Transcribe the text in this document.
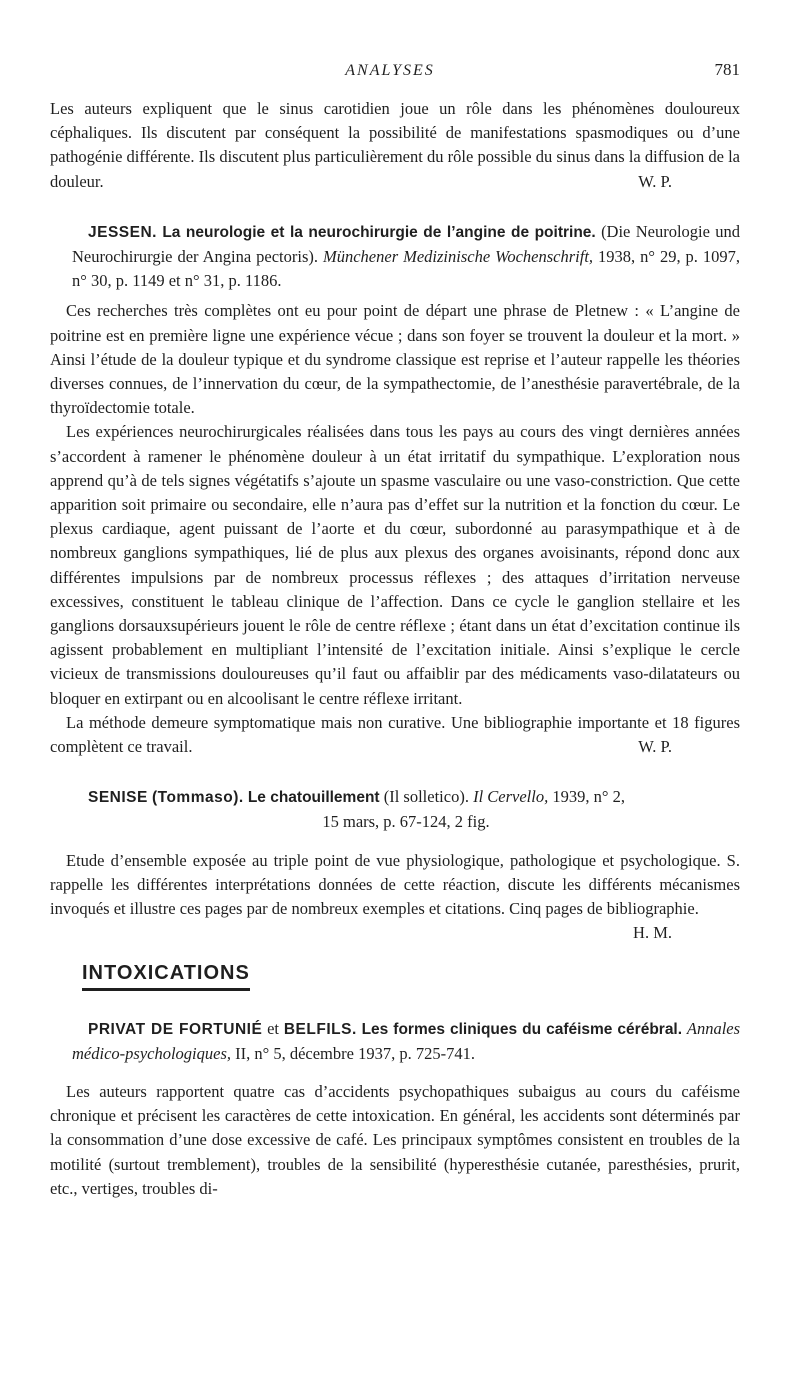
ANALYSES	781

Les auteurs expliquent que le sinus carotidien joue un rôle dans les phénomènes douloureux céphaliques. Ils discutent par conséquent la possibilité de manifestations spasmodiques ou d’une pathogénie différente. Ils discutent plus particulièrement du rôle possible du sinus dans la diffusion de la douleur.	W. P.

JESSEN. La neurologie et la neurochirurgie de l’angine de poitrine. (Die Neurologie und Neurochirurgie der Angina pectoris). Münchener Medizinische Wochenschrift, 1938, n° 29, p. 1097, n° 30, p. 1149 et n° 31, p. 1186.

Ces recherches très complètes ont eu pour point de départ une phrase de Pletnew : « L’angine de poitrine est en première ligne une expérience vécue ; dans son foyer se trouvent la douleur et la mort. » Ainsi l’étude de la douleur typique et du syndrome classique est reprise et l’auteur rappelle les théories diverses connues, de l’innervation du cœur, de la sympathectomie, de l’anesthésie paravertébrale, de la thyroïdectomie totale.

Les expériences neurochirurgicales réalisées dans tous les pays au cours des vingt dernières années s’accordent à ramener le phénomène douleur à un état irritatif du sympathique. L’exploration nous apprend qu’à de tels signes végétatifs s’ajoute un spasme vasculaire ou une vaso-constriction. Que cette apparition soit primaire ou secondaire, elle n’aura pas d’effet sur la nutrition et la fonction du cœur. Le plexus cardiaque, agent puissant de l’aorte et du cœur, subordonné au parasympathique et à de nombreux ganglions sympathiques, lié de plus aux plexus des organes avoisinants, répond donc aux différentes impulsions par de nombreux processus réflexes ; des attaques d’irritation nerveuse excessives, constituent le tableau clinique de l’affection. Dans ce cycle le ganglion stellaire et les ganglions dorsauxsupérieurs jouent le rôle de centre réflexe ; étant dans un état d’excitation continue ils agissent probablement en multipliant l’intensité de l’excitation initiale. Ainsi s’explique le cercle vicieux de transmissions douloureuses qu’il faut ou affaiblir par des médicaments vaso-dilatateurs ou bloquer en extirpant ou en alcoolisant le centre réflexe irritant.

La méthode demeure symptomatique mais non curative. Une bibliographie importante et 18 figures complètent ce travail.	W. P.

SENISE (Tommaso). Le chatouillement (Il solletico). Il Cervello, 1939, n° 2,
15 mars, p. 67-124, 2 fig.

Etude d’ensemble exposée au triple point de vue physiologique, pathologique et psychologique. S. rappelle les différentes interprétations données de cette réaction, discute les différents mécanismes invoqués et illustre ces pages par de nombreux exemples et citations. Cinq pages de bibliographie.
H. M.

INTOXICATIONS

PRIVAT DE FORTUNIÉ et BELFILS. Les formes cliniques du caféisme cérébral. Annales médico-psychologiques, II, n° 5, décembre 1937, p. 725-741.

Les auteurs rapportent quatre cas d’accidents psychopathiques subaigus au cours du caféisme chronique et précisent les caractères de cette intoxication. En général, les accidents sont déterminés par la consommation d’une dose excessive de café. Les principaux symptômes consistent en troubles de la motilité (surtout tremblement), troubles de la sensibilité (hyperesthésie cutanée, paresthésies, prurit, etc., vertiges, troubles di-
